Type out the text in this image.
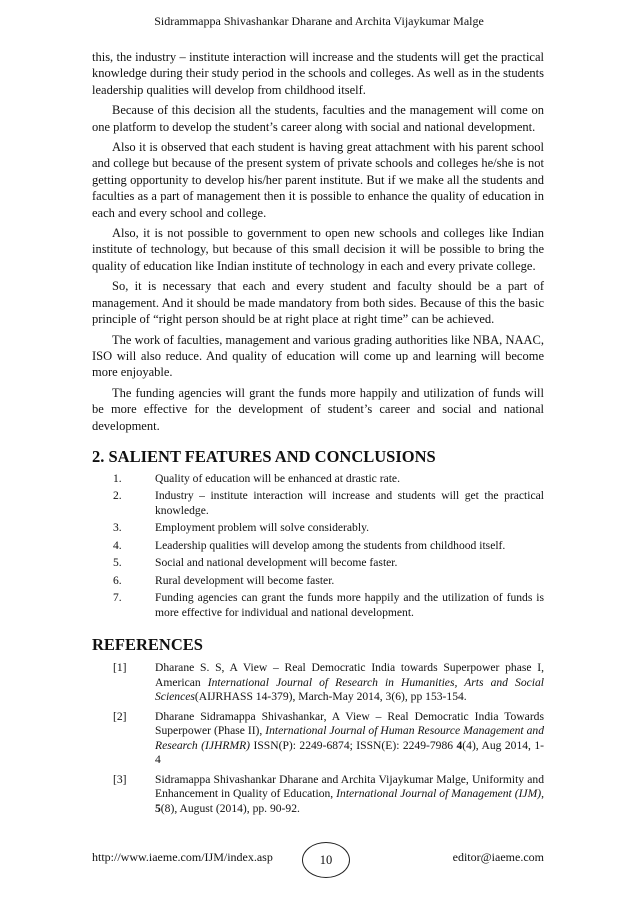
Sidrammappa Shivashankar Dharane and Archita Vijaykumar Malge

this, the industry – institute interaction will increase and the students will get the practical knowledge during their study period in the schools and colleges. As well as in the students leadership qualities will develop from childhood itself.

Because of this decision all the students, faculties and the management will come on one platform to develop the student’s career along with social and national development.

Also it is observed that each student is having great attachment with his parent school and college but because of the present system of private schools and colleges he/she is not getting opportunity to develop his/her parent institute. But if we make all the students and faculties as a part of management then it is possible to enhance the quality of education in each and every school and college.

Also, it is not possible to government to open new schools and colleges like Indian institute of technology, but because of this small decision it will be possible to bring the quality of education like Indian institute of technology in each and every private college.

So, it is necessary that each and every student and faculty should be a part of management. And it should be made mandatory from both sides. Because of this the basic principle of “right person should be at right place at right time” can be achieved.

The work of faculties, management and various grading authorities like NBA, NAAC, ISO will also reduce. And quality of education will come up and learning will become more enjoyable.

The funding agencies will grant the funds more happily and utilization of funds will be more effective for the development of student’s career and social and national development.

2. SALIENT FEATURES AND CONCLUSIONS
1.	Quality of education will be enhanced at drastic rate.
2.	Industry – institute interaction will increase and students will get the practical knowledge.
3.	Employment problem will solve considerably.
4.	Leadership qualities will develop among the students from childhood itself.
5.	Social and national development will become faster.
6.	Rural development will become faster.
7.	Funding agencies can grant the funds more happily and the utilization of funds is more effective for individual and national development.
REFERENCES
[1] Dharane S. S, A View – Real Democratic India towards Superpower phase I, American International Journal of Research in Humanities, Arts and Social Sciences(AIJRHASS 14-379), March-May 2014, 3(6), pp 153-154.
[2] Dharane Sidramappa Shivashankar, A View – Real Democratic India Towards Superpower (Phase II), International Journal of Human Resource Management and Research (IJHRMR) ISSN(P): 2249-6874; ISSN(E): 2249-7986 4(4), Aug 2014, 1-4
[3] Sidramappa Shivashankar Dharane and Archita Vijaykumar Malge, Uniformity and Enhancement in Quality of Education, International Journal of Management (IJM), 5(8), August (2014), pp. 90-92.
http://www.iaeme.com/IJM/index.asp	10	editor@iaeme.com
